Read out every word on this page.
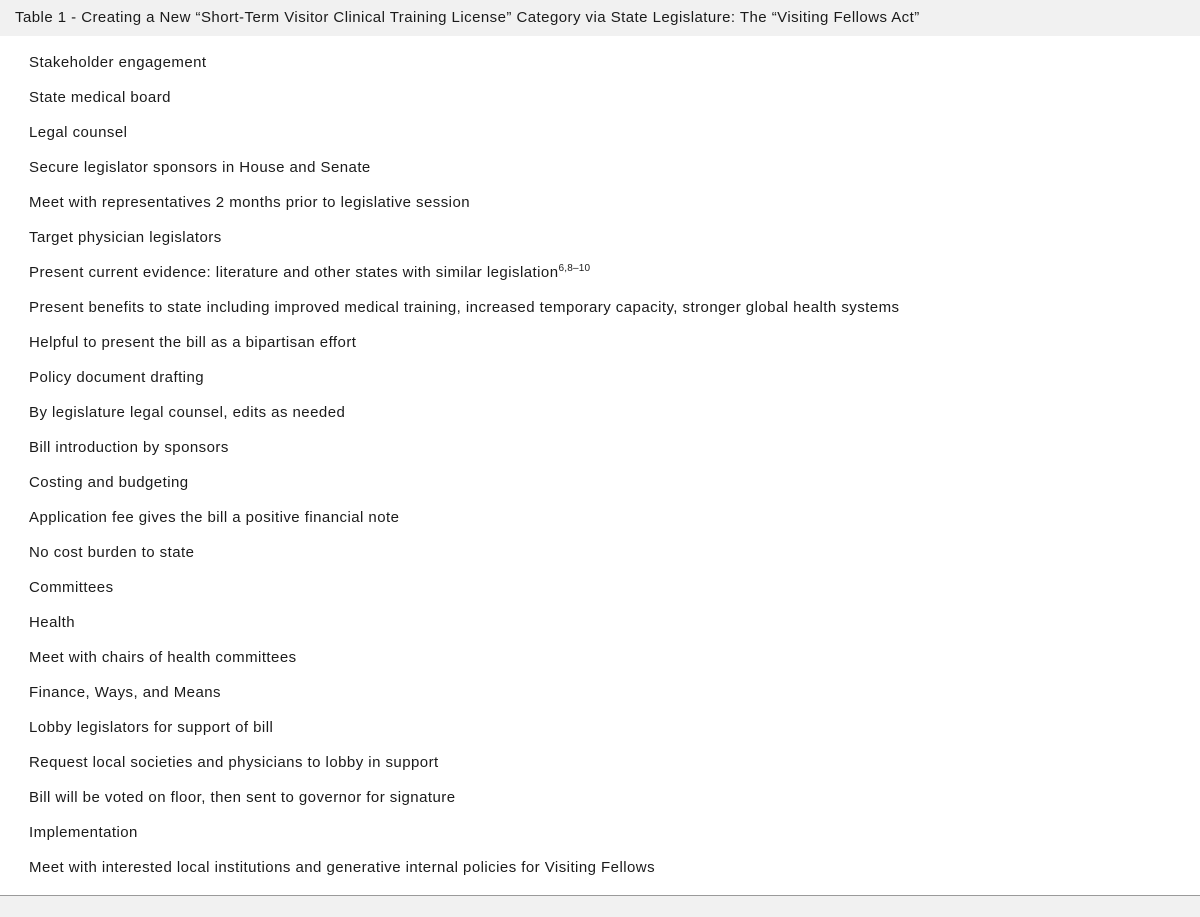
Table 1 - Creating a New “Short-Term Visitor Clinical Training License” Category via State Legislature: The “Visiting Fellows Act”
Stakeholder engagement
State medical board
Legal counsel
Secure legislator sponsors in House and Senate
Meet with representatives 2 months prior to legislative session
Target physician legislators
Present current evidence: literature and other states with similar legislation$^{6,8-10}$
Present benefits to state including improved medical training, increased temporary capacity, stronger global health systems
Helpful to present the bill as a bipartisan effort
Policy document drafting
By legislature legal counsel, edits as needed
Bill introduction by sponsors
Costing and budgeting
Application fee gives the bill a positive financial note
No cost burden to state
Committees
Health
Meet with chairs of health committees
Finance, Ways, and Means
Lobby legislators for support of bill
Request local societies and physicians to lobby in support
Bill will be voted on floor, then sent to governor for signature
Implementation
Meet with interested local institutions and generative internal policies for Visiting Fellows
